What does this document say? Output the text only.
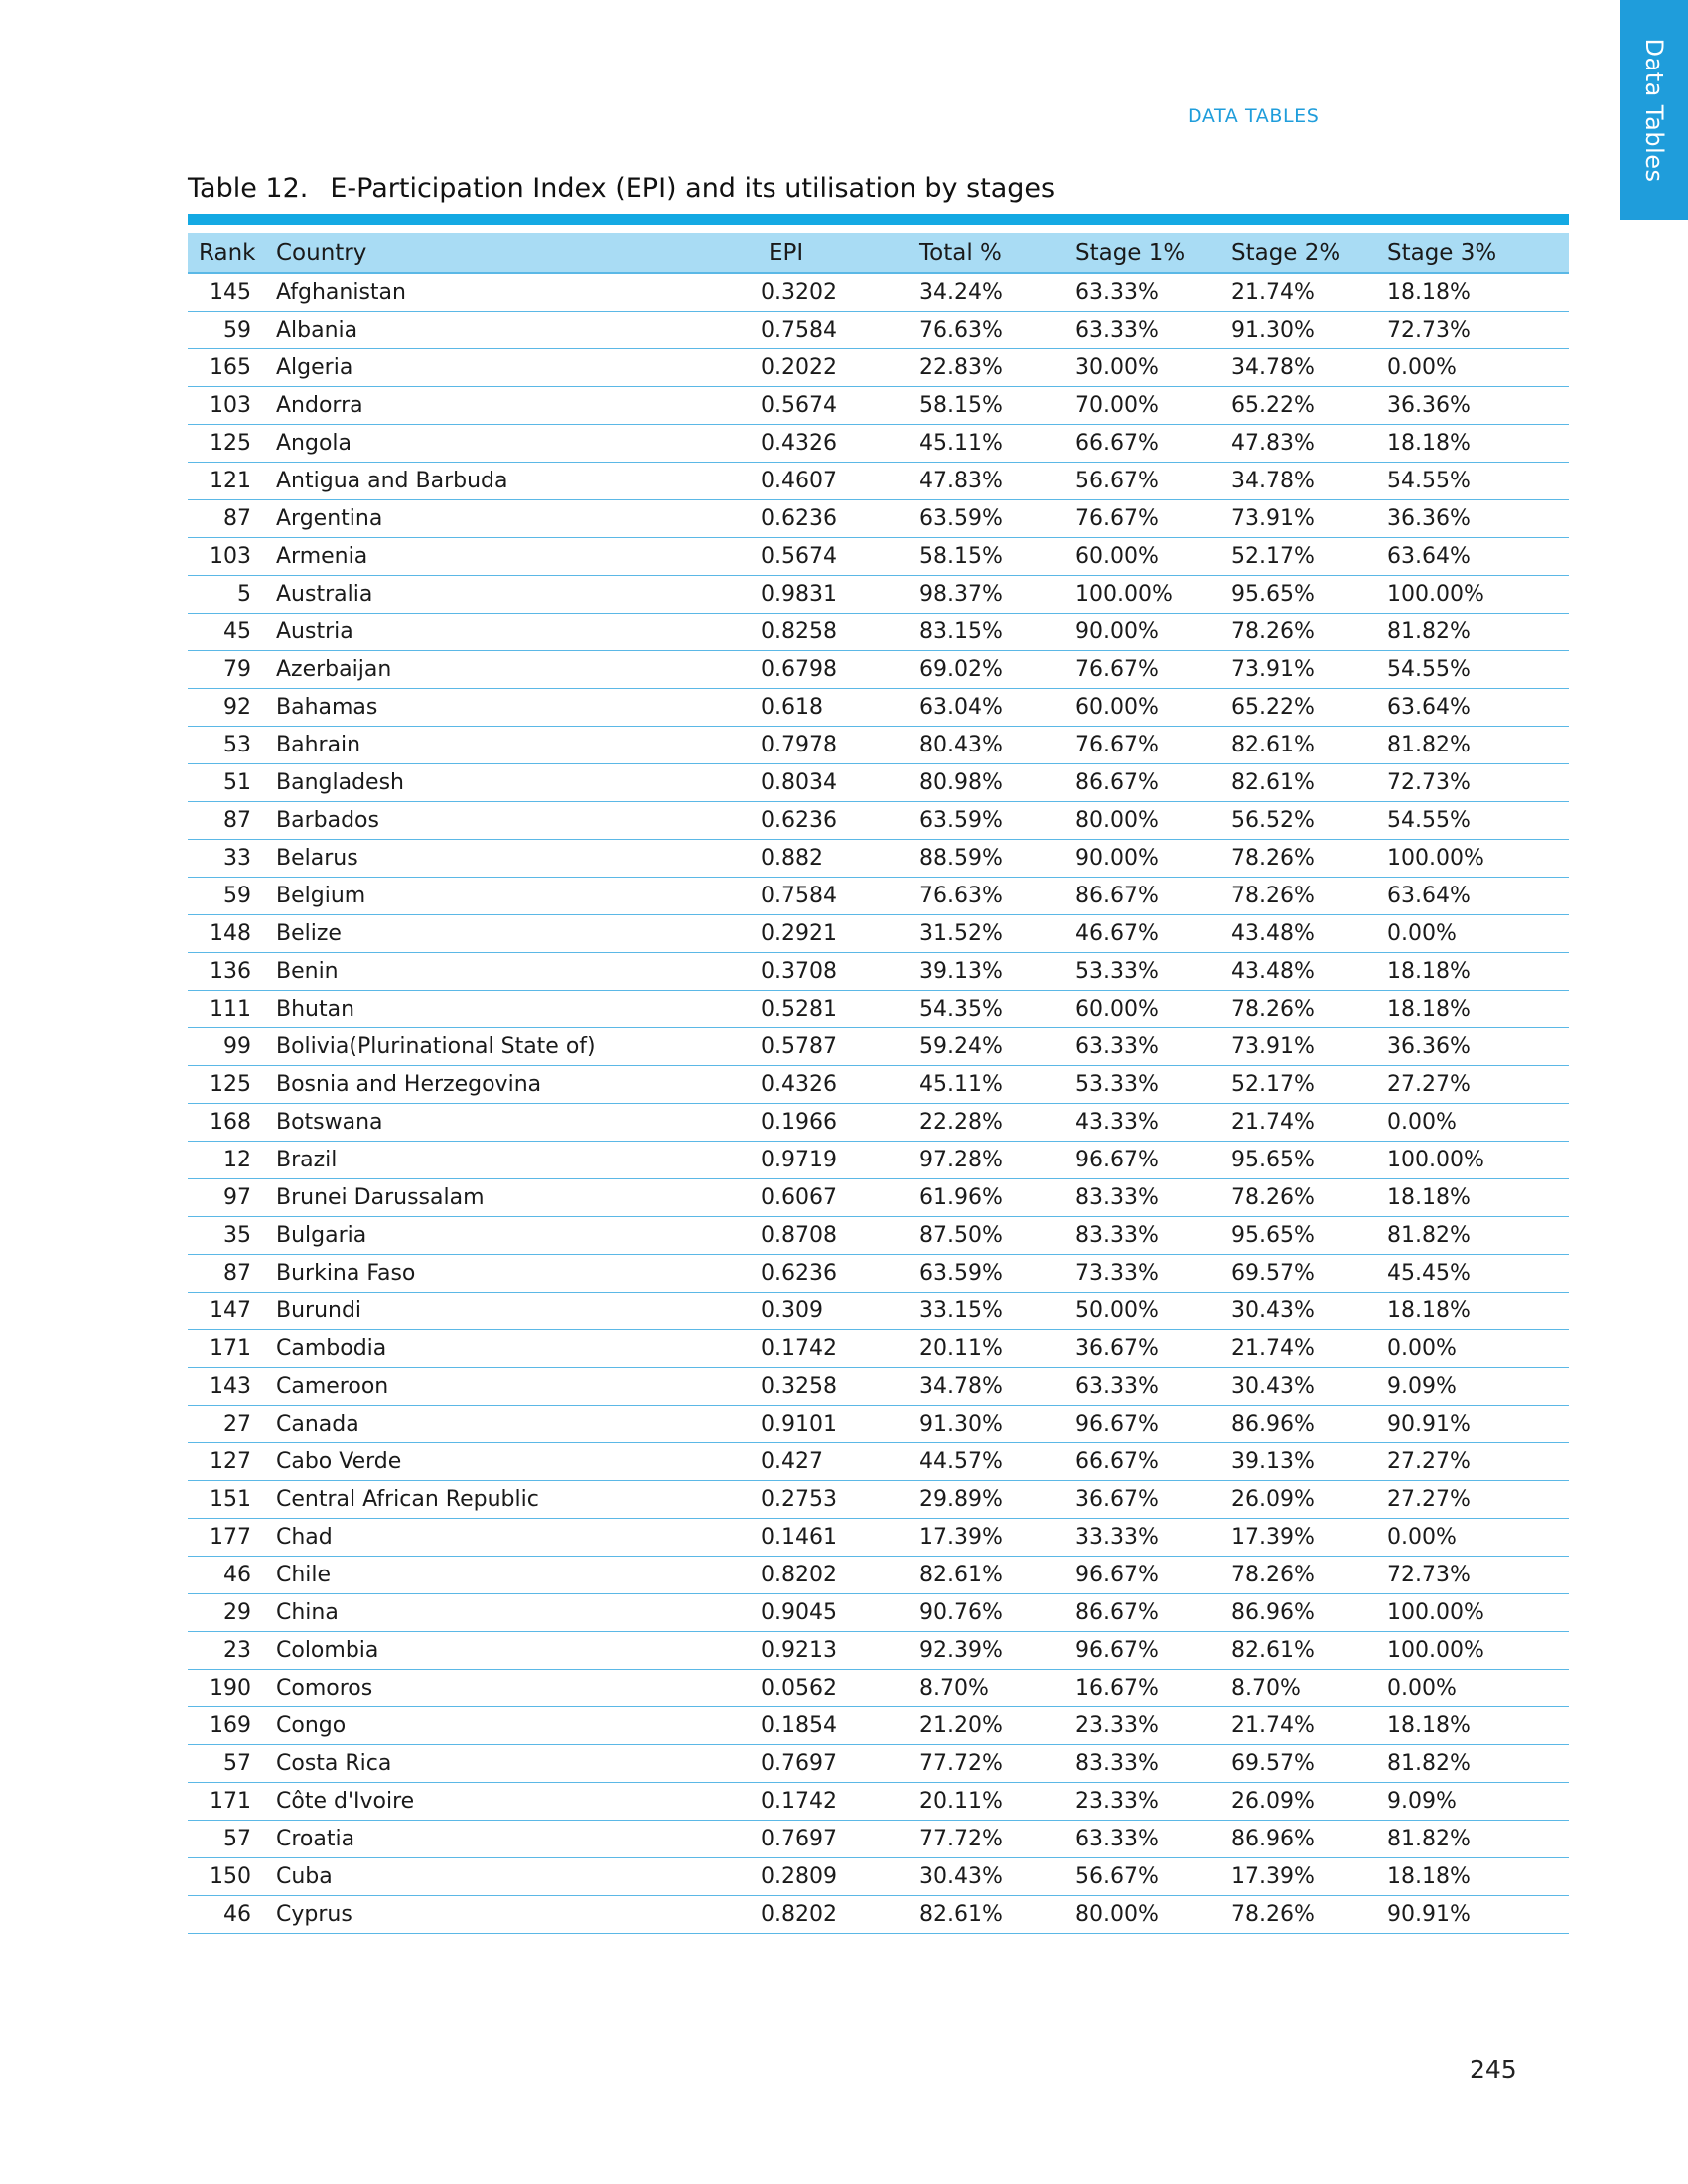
Data Tables
DATA TABLES
Table 12. E-Participation Index (EPI) and its utilisation by stages
Rank	Country	EPI	Total %	Stage 1%	Stage 2%	Stage 3%
145	Afghanistan	0.3202	34.24%	63.33%	21.74%	18.18%
59	Albania	0.7584	76.63%	63.33%	91.30%	72.73%
165	Algeria	0.2022	22.83%	30.00%	34.78%	0.00%
103	Andorra	0.5674	58.15%	70.00%	65.22%	36.36%
125	Angola	0.4326	45.11%	66.67%	47.83%	18.18%
121	Antigua and Barbuda	0.4607	47.83%	56.67%	34.78%	54.55%
87	Argentina	0.6236	63.59%	76.67%	73.91%	36.36%
103	Armenia	0.5674	58.15%	60.00%	52.17%	63.64%
5	Australia	0.9831	98.37%	100.00%	95.65%	100.00%
45	Austria	0.8258	83.15%	90.00%	78.26%	81.82%
79	Azerbaijan	0.6798	69.02%	76.67%	73.91%	54.55%
92	Bahamas	0.618	63.04%	60.00%	65.22%	63.64%
53	Bahrain	0.7978	80.43%	76.67%	82.61%	81.82%
51	Bangladesh	0.8034	80.98%	86.67%	82.61%	72.73%
87	Barbados	0.6236	63.59%	80.00%	56.52%	54.55%
33	Belarus	0.882	88.59%	90.00%	78.26%	100.00%
59	Belgium	0.7584	76.63%	86.67%	78.26%	63.64%
148	Belize	0.2921	31.52%	46.67%	43.48%	0.00%
136	Benin	0.3708	39.13%	53.33%	43.48%	18.18%
111	Bhutan	0.5281	54.35%	60.00%	78.26%	18.18%
99	Bolivia(Plurinational State of)	0.5787	59.24%	63.33%	73.91%	36.36%
125	Bosnia and Herzegovina	0.4326	45.11%	53.33%	52.17%	27.27%
168	Botswana	0.1966	22.28%	43.33%	21.74%	0.00%
12	Brazil	0.9719	97.28%	96.67%	95.65%	100.00%
97	Brunei Darussalam	0.6067	61.96%	83.33%	78.26%	18.18%
35	Bulgaria	0.8708	87.50%	83.33%	95.65%	81.82%
87	Burkina Faso	0.6236	63.59%	73.33%	69.57%	45.45%
147	Burundi	0.309	33.15%	50.00%	30.43%	18.18%
171	Cambodia	0.1742	20.11%	36.67%	21.74%	0.00%
143	Cameroon	0.3258	34.78%	63.33%	30.43%	9.09%
27	Canada	0.9101	91.30%	96.67%	86.96%	90.91%
127	Cabo Verde	0.427	44.57%	66.67%	39.13%	27.27%
151	Central African Republic	0.2753	29.89%	36.67%	26.09%	27.27%
177	Chad	0.1461	17.39%	33.33%	17.39%	0.00%
46	Chile	0.8202	82.61%	96.67%	78.26%	72.73%
29	China	0.9045	90.76%	86.67%	86.96%	100.00%
23	Colombia	0.9213	92.39%	96.67%	82.61%	100.00%
190	Comoros	0.0562	8.70%	16.67%	8.70%	0.00%
169	Congo	0.1854	21.20%	23.33%	21.74%	18.18%
57	Costa Rica	0.7697	77.72%	83.33%	69.57%	81.82%
171	Côte d'Ivoire	0.1742	20.11%	23.33%	26.09%	9.09%
57	Croatia	0.7697	77.72%	63.33%	86.96%	81.82%
150	Cuba	0.2809	30.43%	56.67%	17.39%	18.18%
46	Cyprus	0.8202	82.61%	80.00%	78.26%	90.91%
245
